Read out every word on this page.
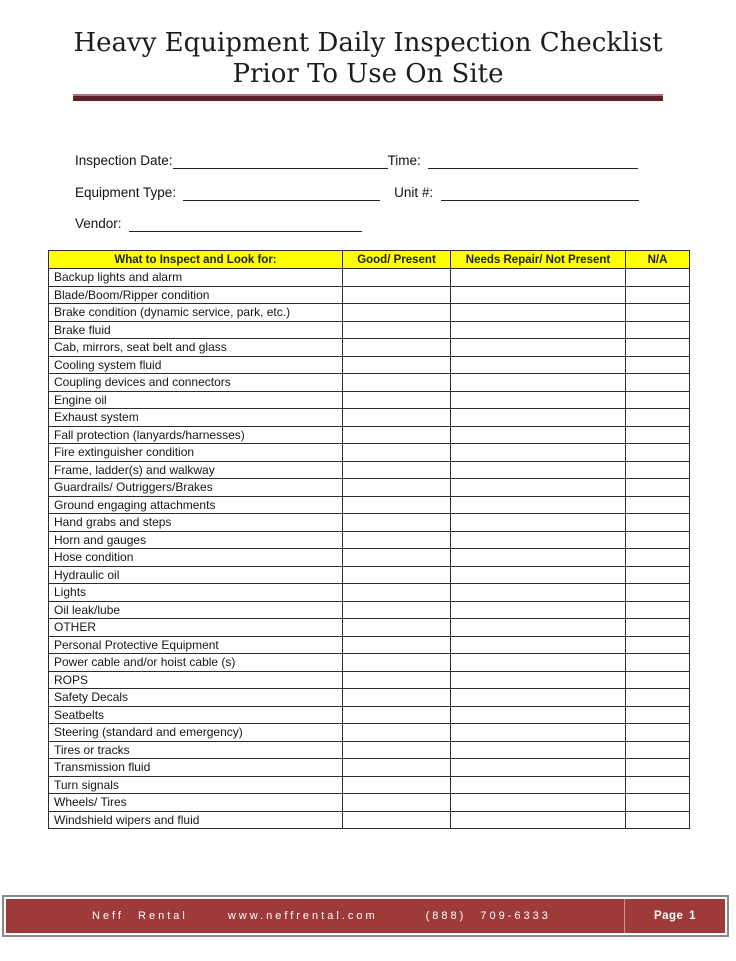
Heavy Equipment Daily Inspection Checklist
Prior To Use On Site
Inspection Date:	Time:
Equipment Type:	Unit #:
Vendor:
What to Inspect and Look for:	Good/ Present	Needs Repair/ Not Present	N/A
Backup lights and alarm			
Blade/Boom/Ripper condition			
Brake condition (dynamic service, park, etc.)			
Brake fluid			
Cab, mirrors, seat belt and glass			
Cooling system fluid			
Coupling devices and connectors			
Engine oil			
Exhaust system			
Fall protection (lanyards/harnesses)			
Fire extinguisher condition			
Frame, ladder(s) and walkway			
Guardrails/ Outriggers/Brakes			
Ground engaging attachments			
Hand grabs and steps			
Horn and gauges			
Hose condition			
Hydraulic oil			
Lights			
Oil leak/lube			
OTHER			
Personal Protective Equipment			
Power cable and/or hoist cable (s)			
ROPS			
Safety Decals			
Seatbelts			
Steering (standard and emergency)			
Tires or tracks			
Transmission fluid			
Turn signals			
Wheels/ Tires			
Windshield wipers and fluid			
Neff Rental	www.neffrental.com	(888) 709-6333	Page 1
